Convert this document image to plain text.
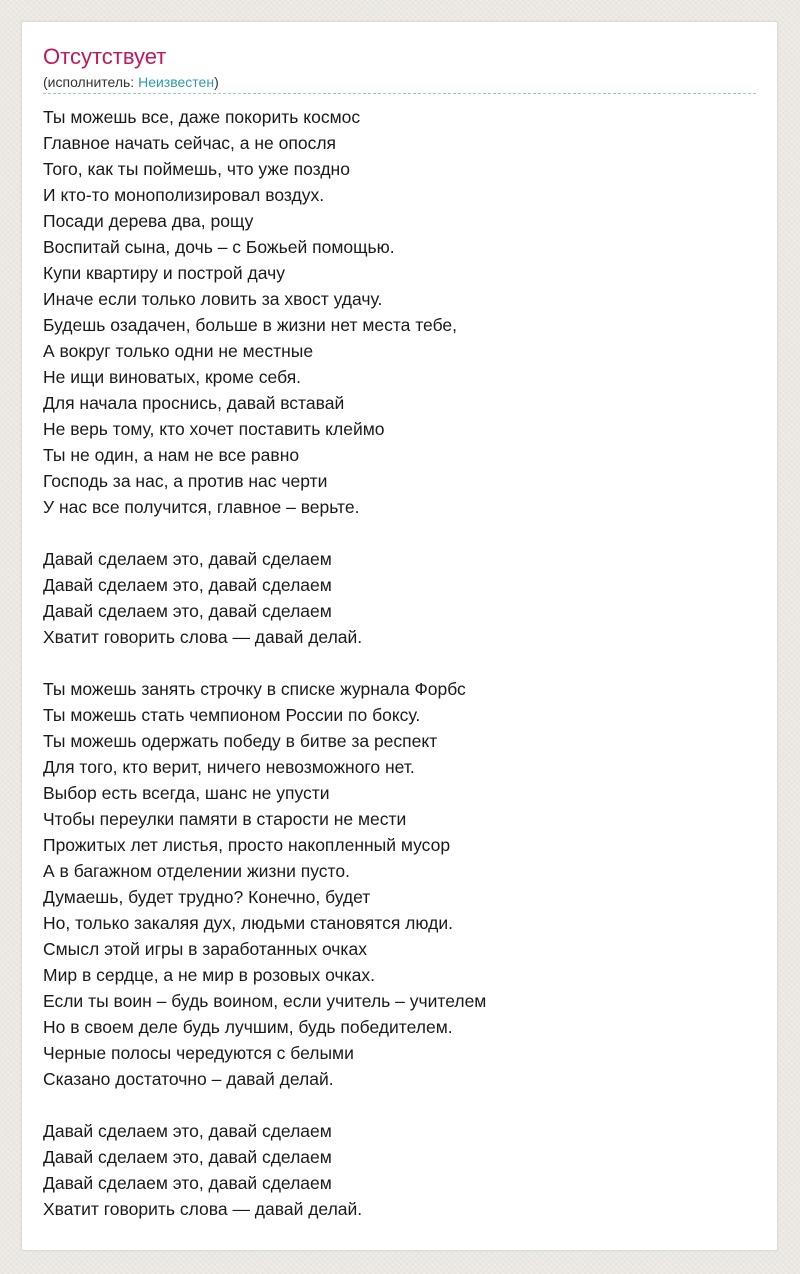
Отсутствует
(исполнитель: Неизвестен)
Ты можешь все, даже покорить космос
Главное начать сейчас, а не опосля
Того, как ты поймешь, что уже поздно
И кто-то монополизировал воздух.
Посади дерева два, рощу
Воспитай сына, дочь – с Божьей помощью.
Купи квартиру и построй дачу
Иначе если только ловить за хвост удачу.
Будешь озадачен, больше в жизни нет места тебе,
А вокруг только одни не местные
Не ищи виноватых, кроме себя.
Для начала проснись, давай вставай
Не верь тому, кто хочет поставить клеймо
Ты не один, а нам не все равно
Господь за нас, а против нас черти
У нас все получится, главное – верьте.
Давай сделаем это, давай сделаем
Давай сделаем это, давай сделаем
Давай сделаем это, давай сделаем
Хватит говорить слова — давай делай.
Ты можешь занять строчку в списке журнала Форбс
Ты можешь стать чемпионом России по боксу.
Ты можешь одержать победу в битве за респект
Для того, кто верит, ничего невозможного нет.
Выбор есть всегда, шанс не упусти
Чтобы переулки памяти в старости не мести
Прожитых лет листья, просто накопленный мусор
А в багажном отделении жизни пусто.
Думаешь, будет трудно? Конечно, будет
Но, только закаляя дух, людьми становятся люди.
Смысл этой игры в заработанных очках
Мир в сердце, а не мир в розовых очках.
Если ты воин – будь воином, если учитель – учителем
Но в своем деле будь лучшим, будь победителем.
Черные полосы чередуются с белыми
Сказано достаточно – давай делай.
Давай сделаем это, давай сделаем
Давай сделаем это, давай сделаем
Давай сделаем это, давай сделаем
Хватит говорить слова — давай делай.
